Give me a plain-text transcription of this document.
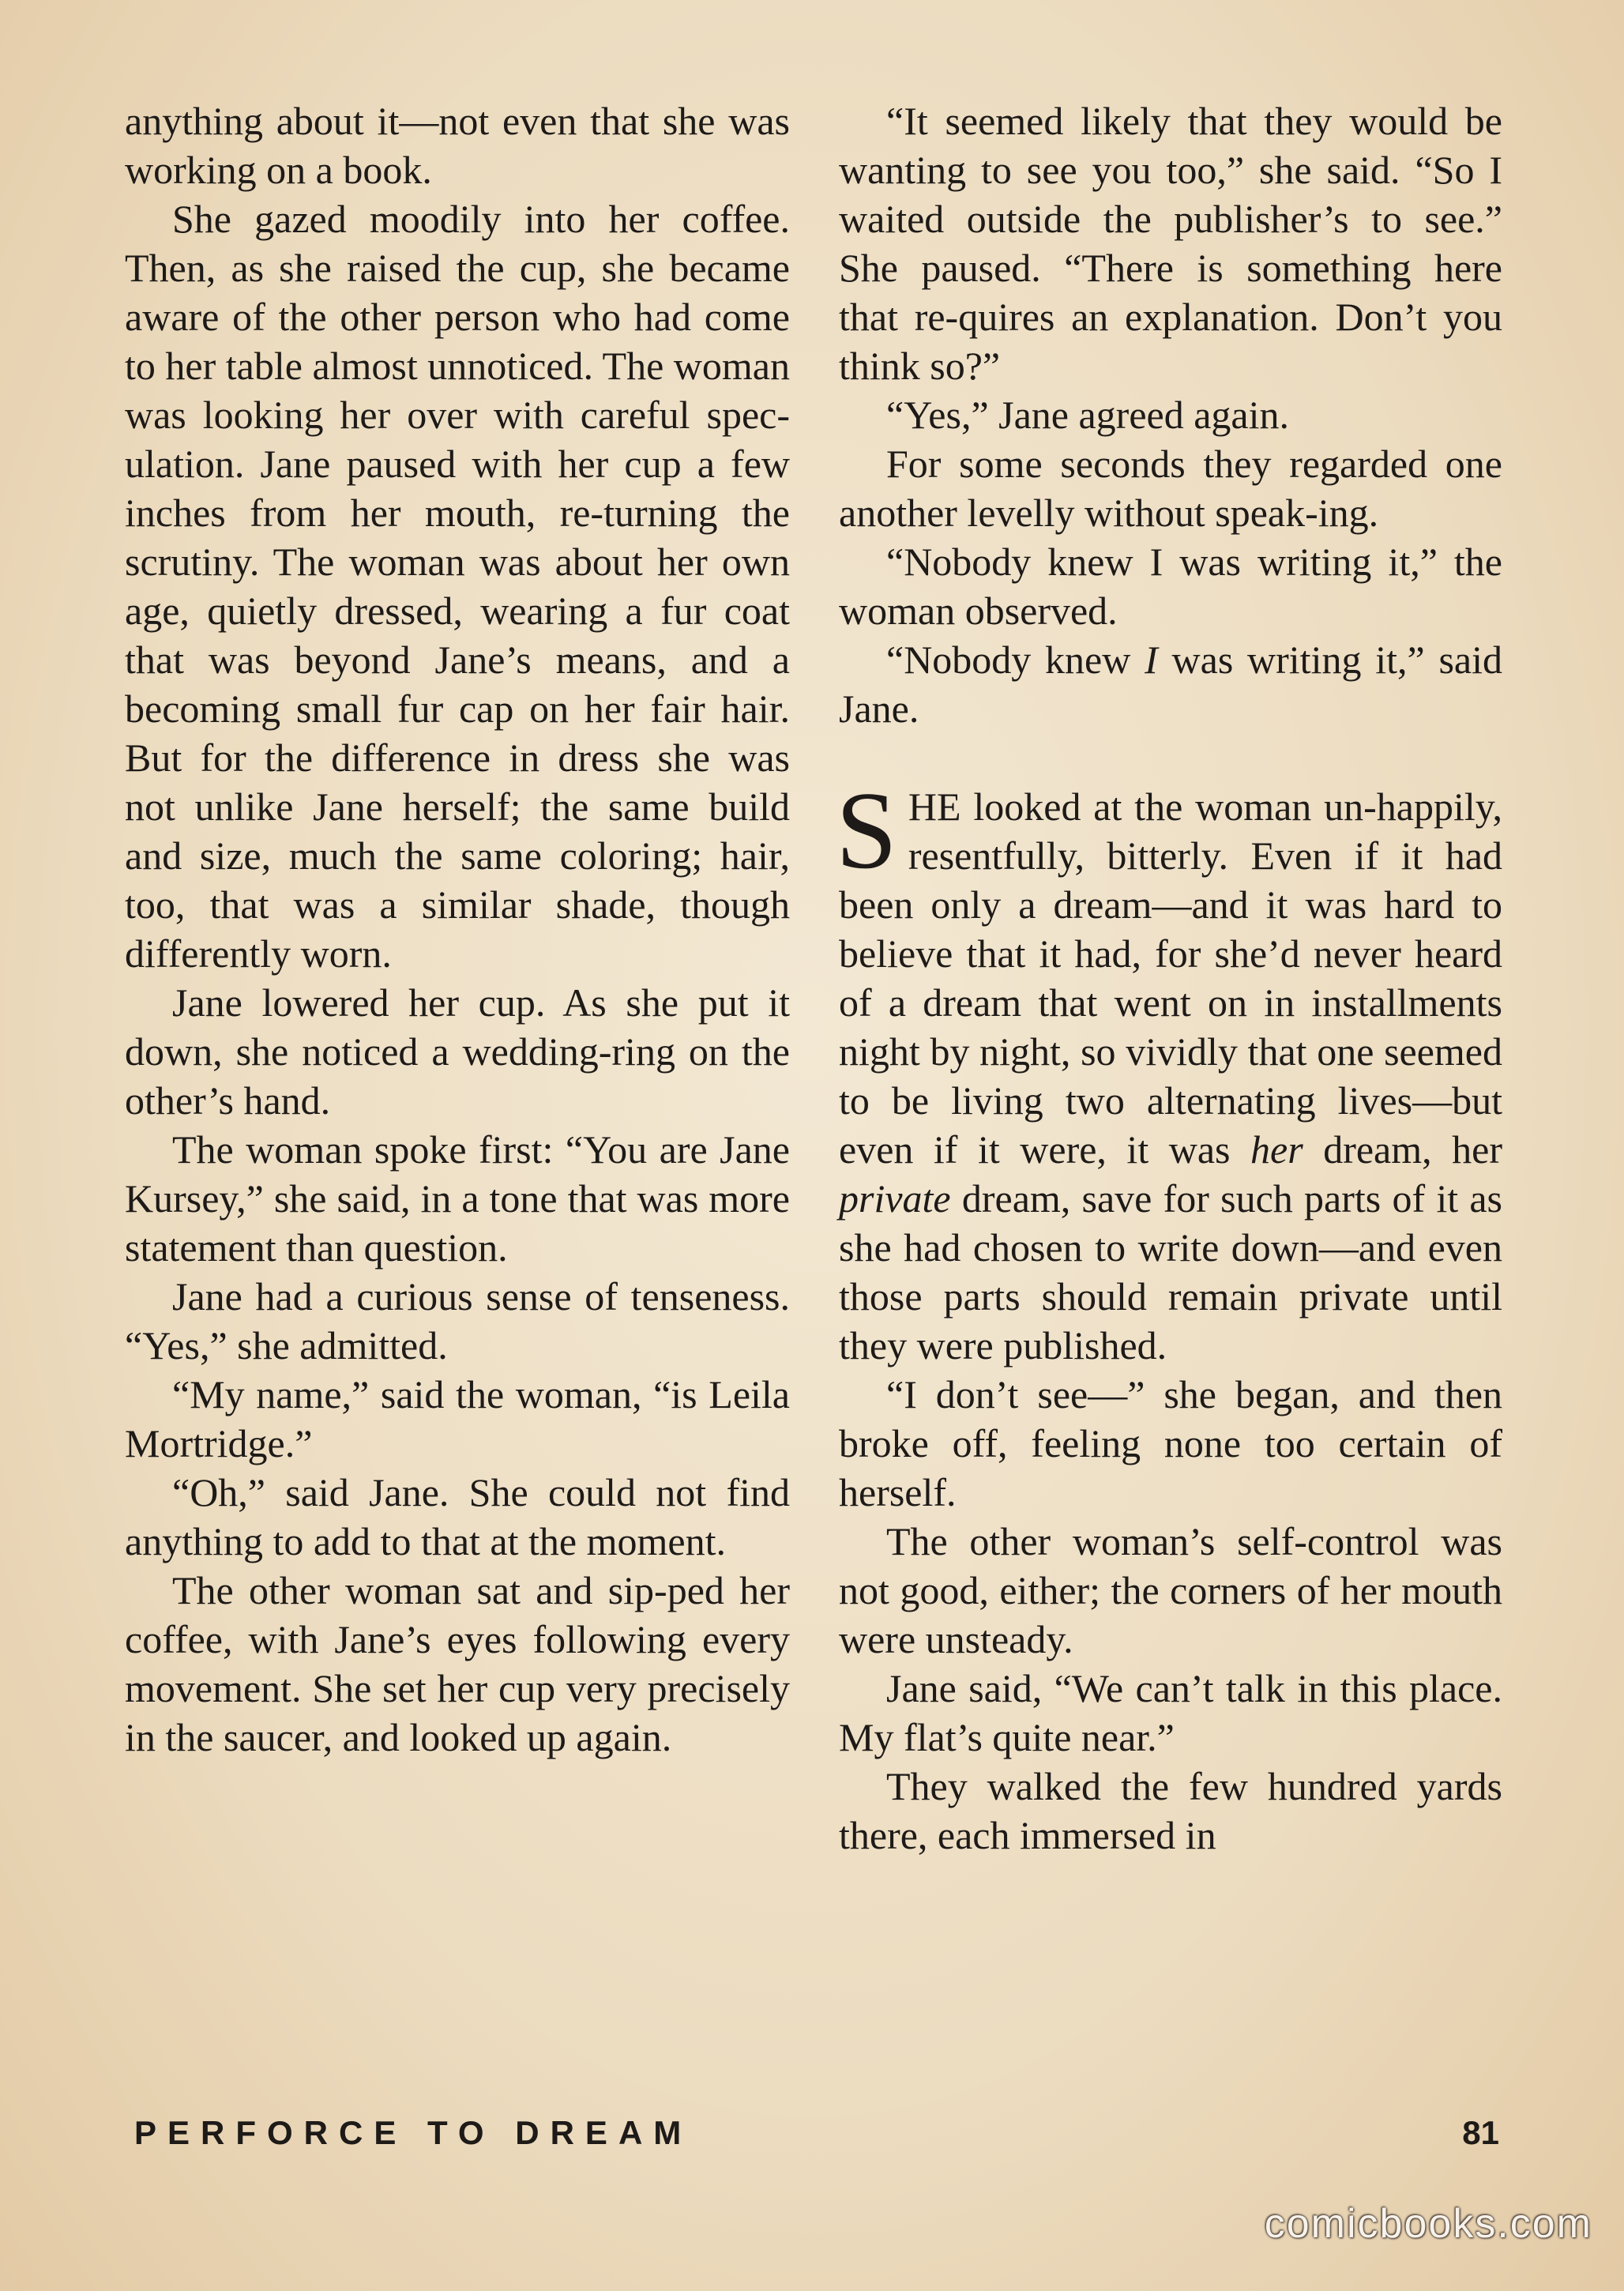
anything about it—not even that she was working on a book.

She gazed moodily into her coffee. Then, as she raised the cup, she became aware of the other person who had come to her table almost unnoticed. The woman was looking her over with careful spec-ulation. Jane paused with her cup a few inches from her mouth, re-turning the scrutiny. The woman was about her own age, quietly dressed, wearing a fur coat that was beyond Jane’s means, and a becoming small fur cap on her fair hair. But for the difference in dress she was not unlike Jane herself; the same build and size, much the same coloring; hair, too, that was a similar shade, though differently worn.

Jane lowered her cup. As she put it down, she noticed a wedding-ring on the other’s hand.

The woman spoke first: “You are Jane Kursey,” she said, in a tone that was more statement than question.

Jane had a curious sense of tenseness. “Yes,” she admitted.

“My name,” said the woman, “is Leila Mortridge.”

“Oh,” said Jane. She could not find anything to add to that at the moment.

The other woman sat and sip-ped her coffee, with Jane’s eyes following every movement. She set her cup very precisely in the saucer, and looked up again.

“It seemed likely that they would be wanting to see you too,” she said. “So I waited outside the publisher’s to see.” She paused. “There is something here that re-quires an explanation. Don’t you think so?”

“Yes,” Jane agreed again.

For some seconds they regarded one another levelly without speak-ing.

“Nobody knew I was writing it,” the woman observed.

“Nobody knew I was writing it,” said Jane.

SHE looked at the woman un-happily, resentfully, bitterly. Even if it had been only a dream—and it was hard to believe that it had, for she’d never heard of a dream that went on in installments night by night, so vividly that one seemed to be living two alternating lives—but even if it were, it was her dream, her private dream, save for such parts of it as she had chosen to write down—and even those parts should remain private until they were published.

“I don’t see—” she began, and then broke off, feeling none too certain of herself.

The other woman’s self-control was not good, either; the corners of her mouth were unsteady.

Jane said, “We can’t talk in this place. My flat’s quite near.”

They walked the few hundred yards there, each immersed in

PERFORCE TO DREAM	81
comicbooks.com
